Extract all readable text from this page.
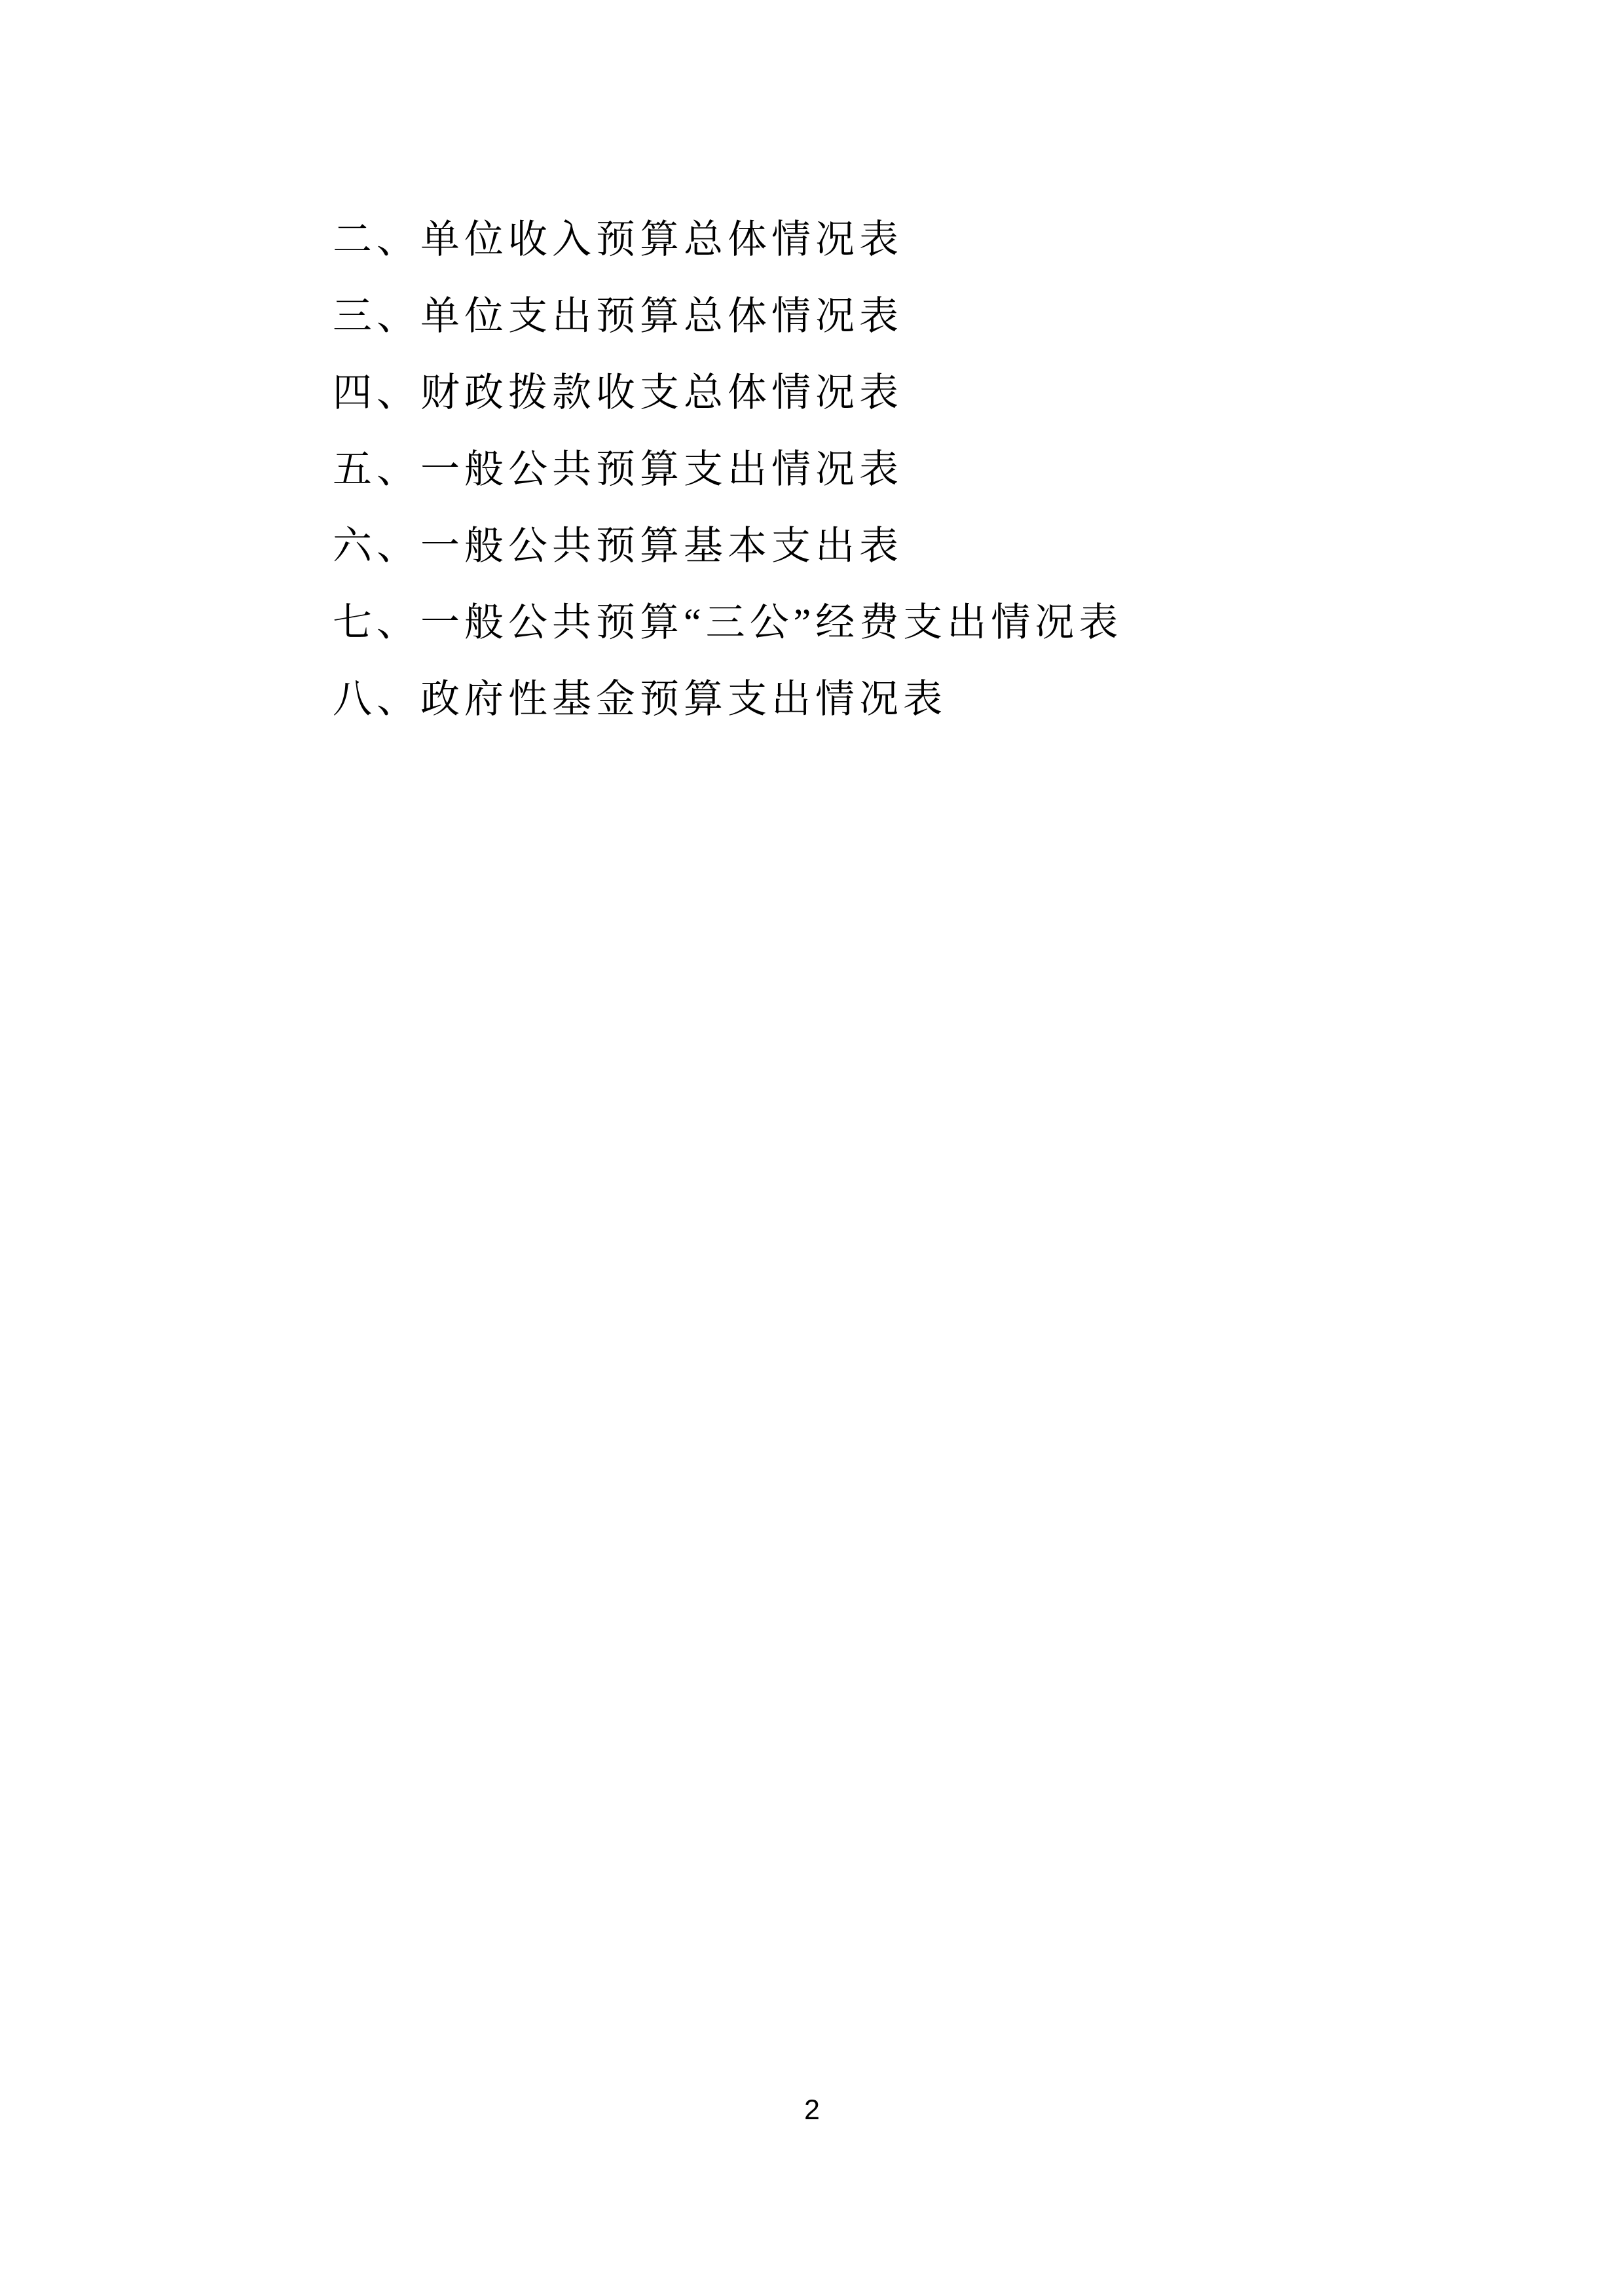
二、单位收入预算总体情况表
三、单位支出预算总体情况表
四、财政拨款收支总体情况表
五、一般公共预算支出情况表
六、一般公共预算基本支出表
七、一般公共预算“三公”经费支出情况表
八、政府性基金预算支出情况表
2
